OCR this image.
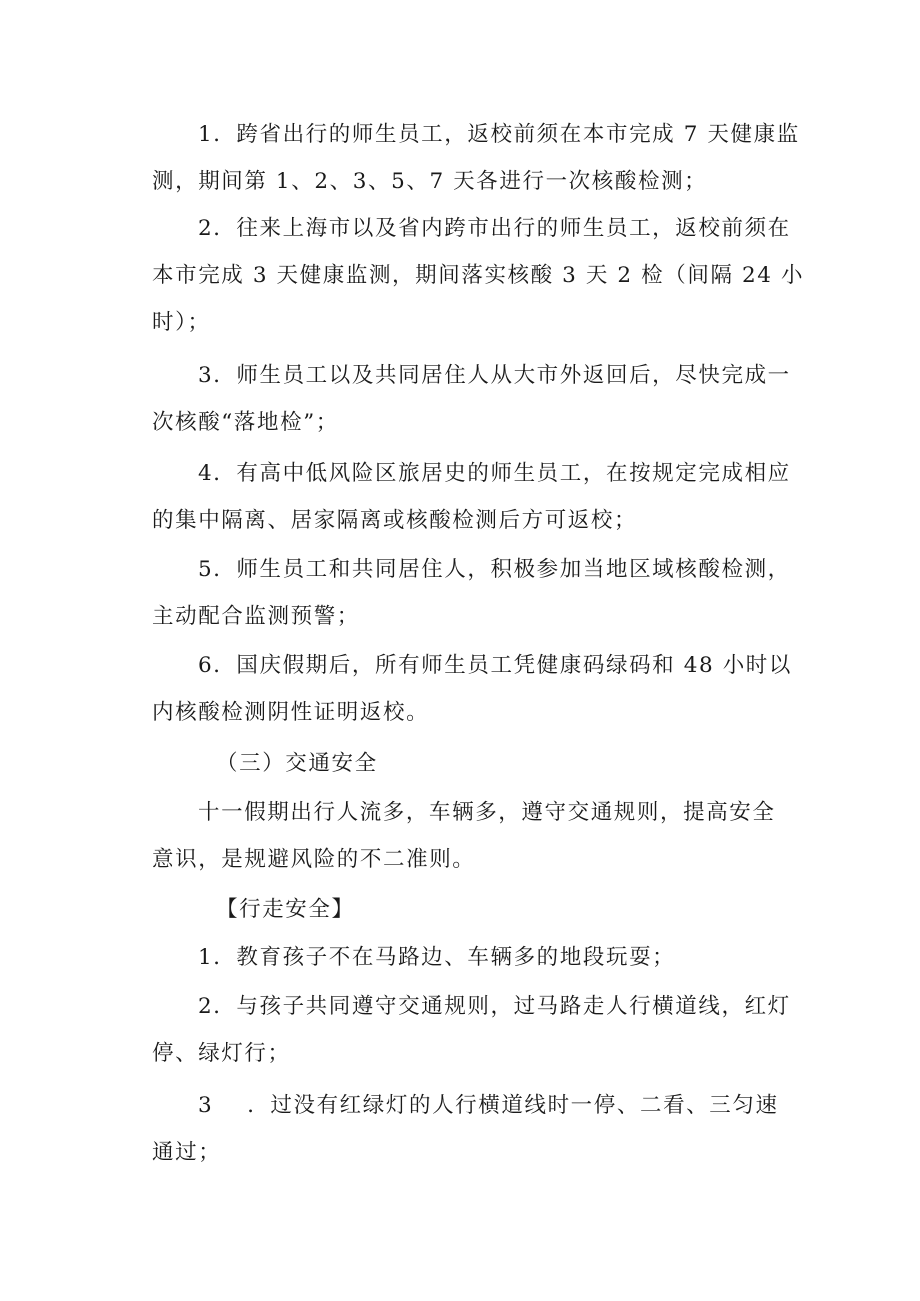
1．跨省出行的师生员工，返校前须在本市完成 7 天健康监
测，期间第 1、2、3、5、7 天各进行一次核酸检测；
2．往来上海市以及省内跨市出行的师生员工，返校前须在
本市完成 3 天健康监测，期间落实核酸 3 天 2 检（间隔 24 小
时）；
3．师生员工以及共同居住人从大市外返回后，尽快完成一
次核酸“落地检”；
4．有高中低风险区旅居史的师生员工，在按规定完成相应
的集中隔离、居家隔离或核酸检测后方可返校；
5．师生员工和共同居住人，积极参加当地区域核酸检测，
主动配合监测预警；
6．国庆假期后，所有师生员工凭健康码绿码和 48 小时以
内核酸检测阴性证明返校。
（三）交通安全
十一假期出行人流多，车辆多，遵守交通规则，提高安全
意识，是规避风险的不二准则。
【行走安全】
1．教育孩子不在马路边、车辆多的地段玩耍；
2．与孩子共同遵守交通规则，过马路走人行横道线，红灯
停、绿灯行；
3 ．过没有红绿灯的人行横道线时一停、二看、三匀速
通过；
